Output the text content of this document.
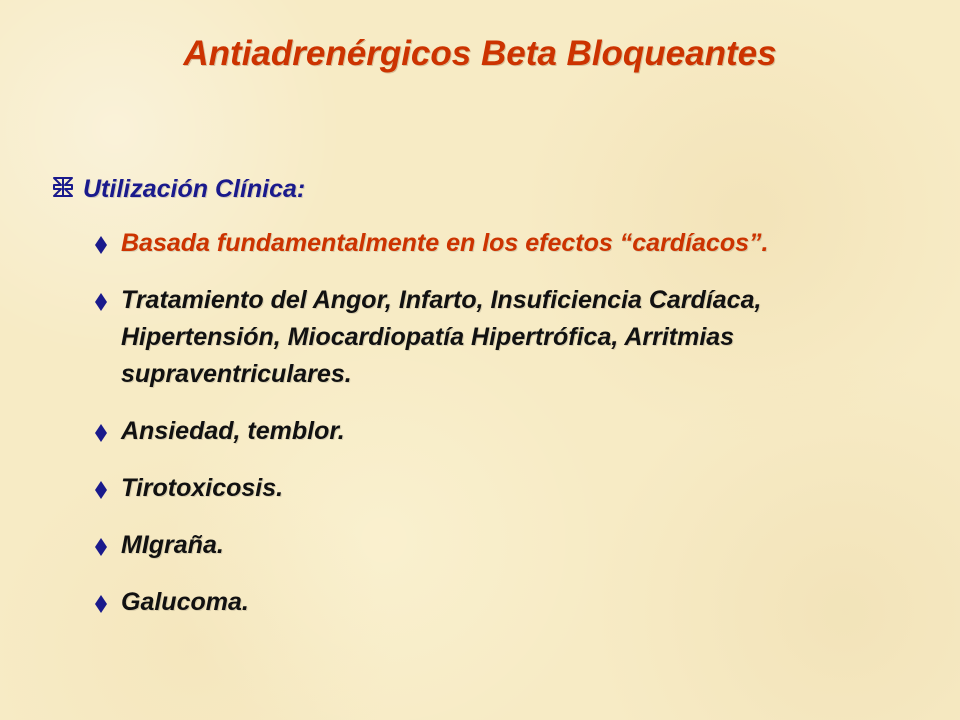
Antiadrenérgicos Beta Bloqueantes
Utilización Clínica:
Basada fundamentalmente en los efectos “cardíacos”.
Tratamiento del Angor, Infarto, Insuficiencia Cardíaca, Hipertensión, Miocardiopatía Hipertrófica, Arritmias supraventriculares.
Ansiedad, temblor.
Tirotoxicosis.
MIgraña.
Galucoma.
